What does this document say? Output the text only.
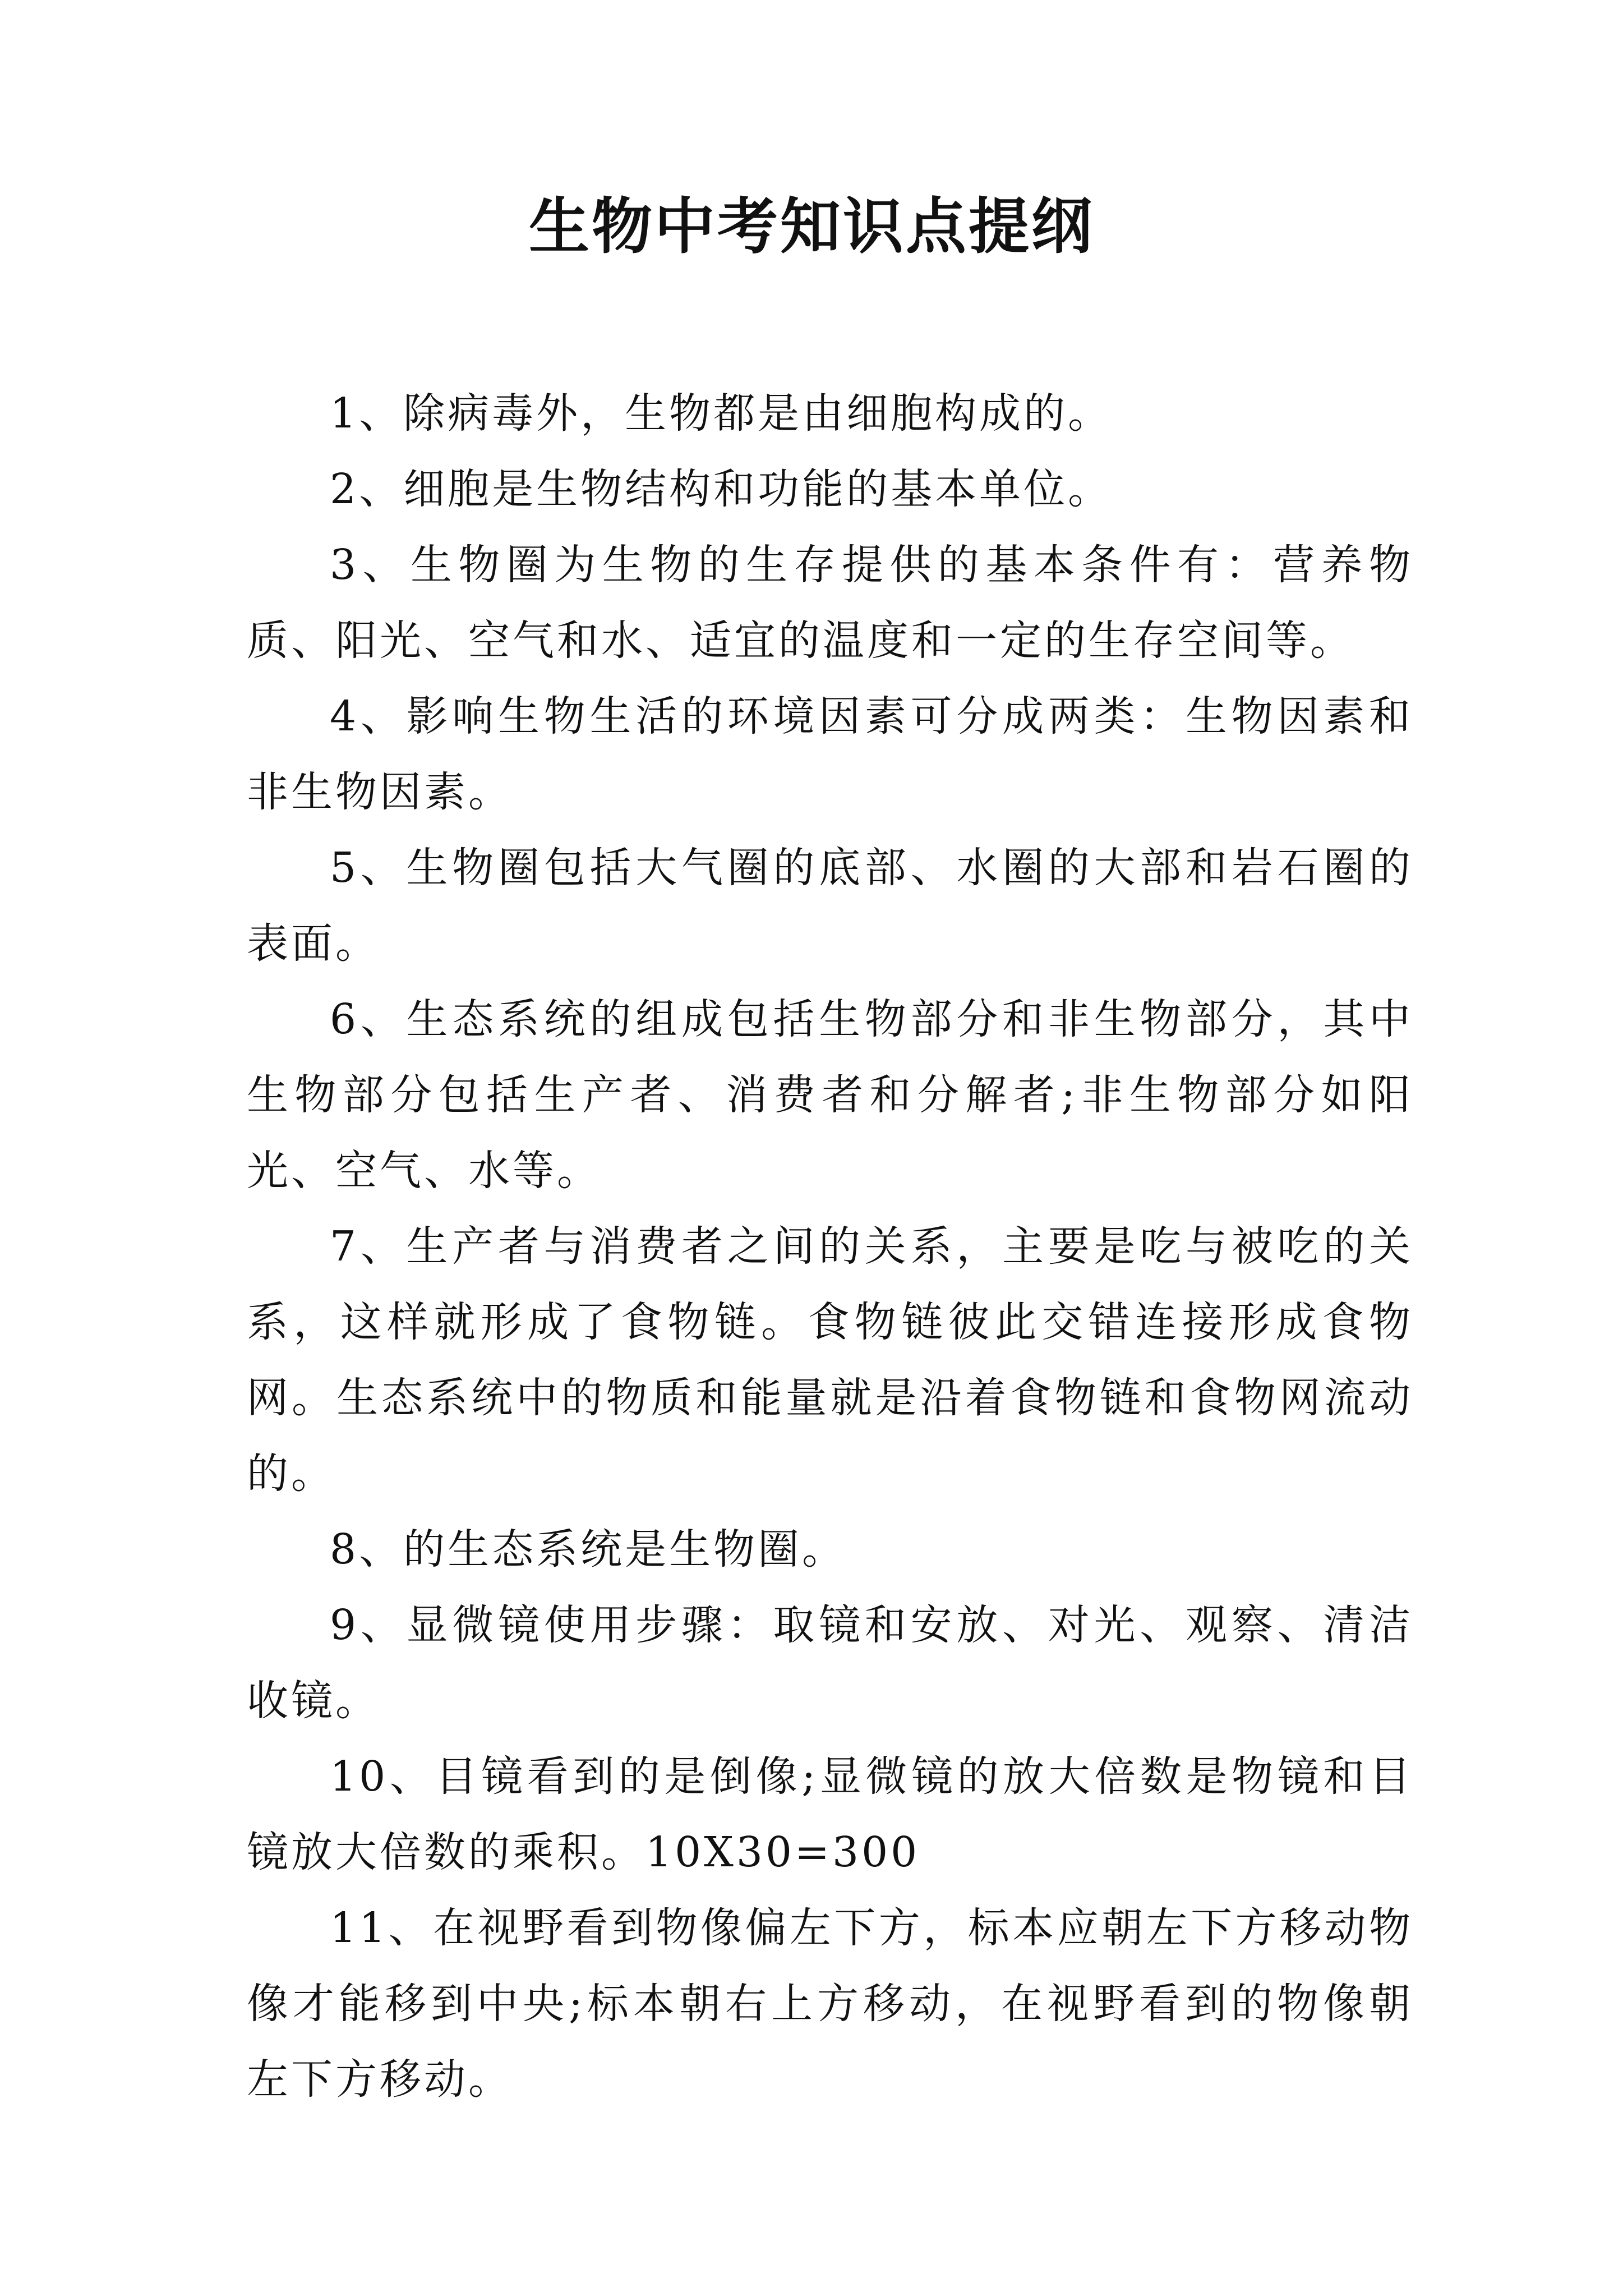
生物中考知识点提纲

1、除病毒外，生物都是由细胞构成的。

2、细胞是生物结构和功能的基本单位。

3、生物圈为生物的生存提供的基本条件有：营养物质、阳光、空气和水、适宜的温度和一定的生存空间等。

4、影响生物生活的环境因素可分成两类：生物因素和非生物因素。

5、生物圈包括大气圈的底部、水圈的大部和岩石圈的表面。

6、生态系统的组成包括生物部分和非生物部分，其中生物部分包括生产者、消费者和分解者;非生物部分如阳光、空气、水等。

7、生产者与消费者之间的关系，主要是吃与被吃的关系，这样就形成了食物链。食物链彼此交错连接形成食物网。生态系统中的物质和能量就是沿着食物链和食物网流动的。

8、的生态系统是生物圈。

9、显微镜使用步骤：取镜和安放、对光、观察、清洁收镜。

10、目镜看到的是倒像;显微镜的放大倍数是物镜和目镜放大倍数的乘积。10X30=300

11、在视野看到物像偏左下方，标本应朝左下方移动物像才能移到中央;标本朝右上方移动，在视野看到的物像朝左下方移动。
